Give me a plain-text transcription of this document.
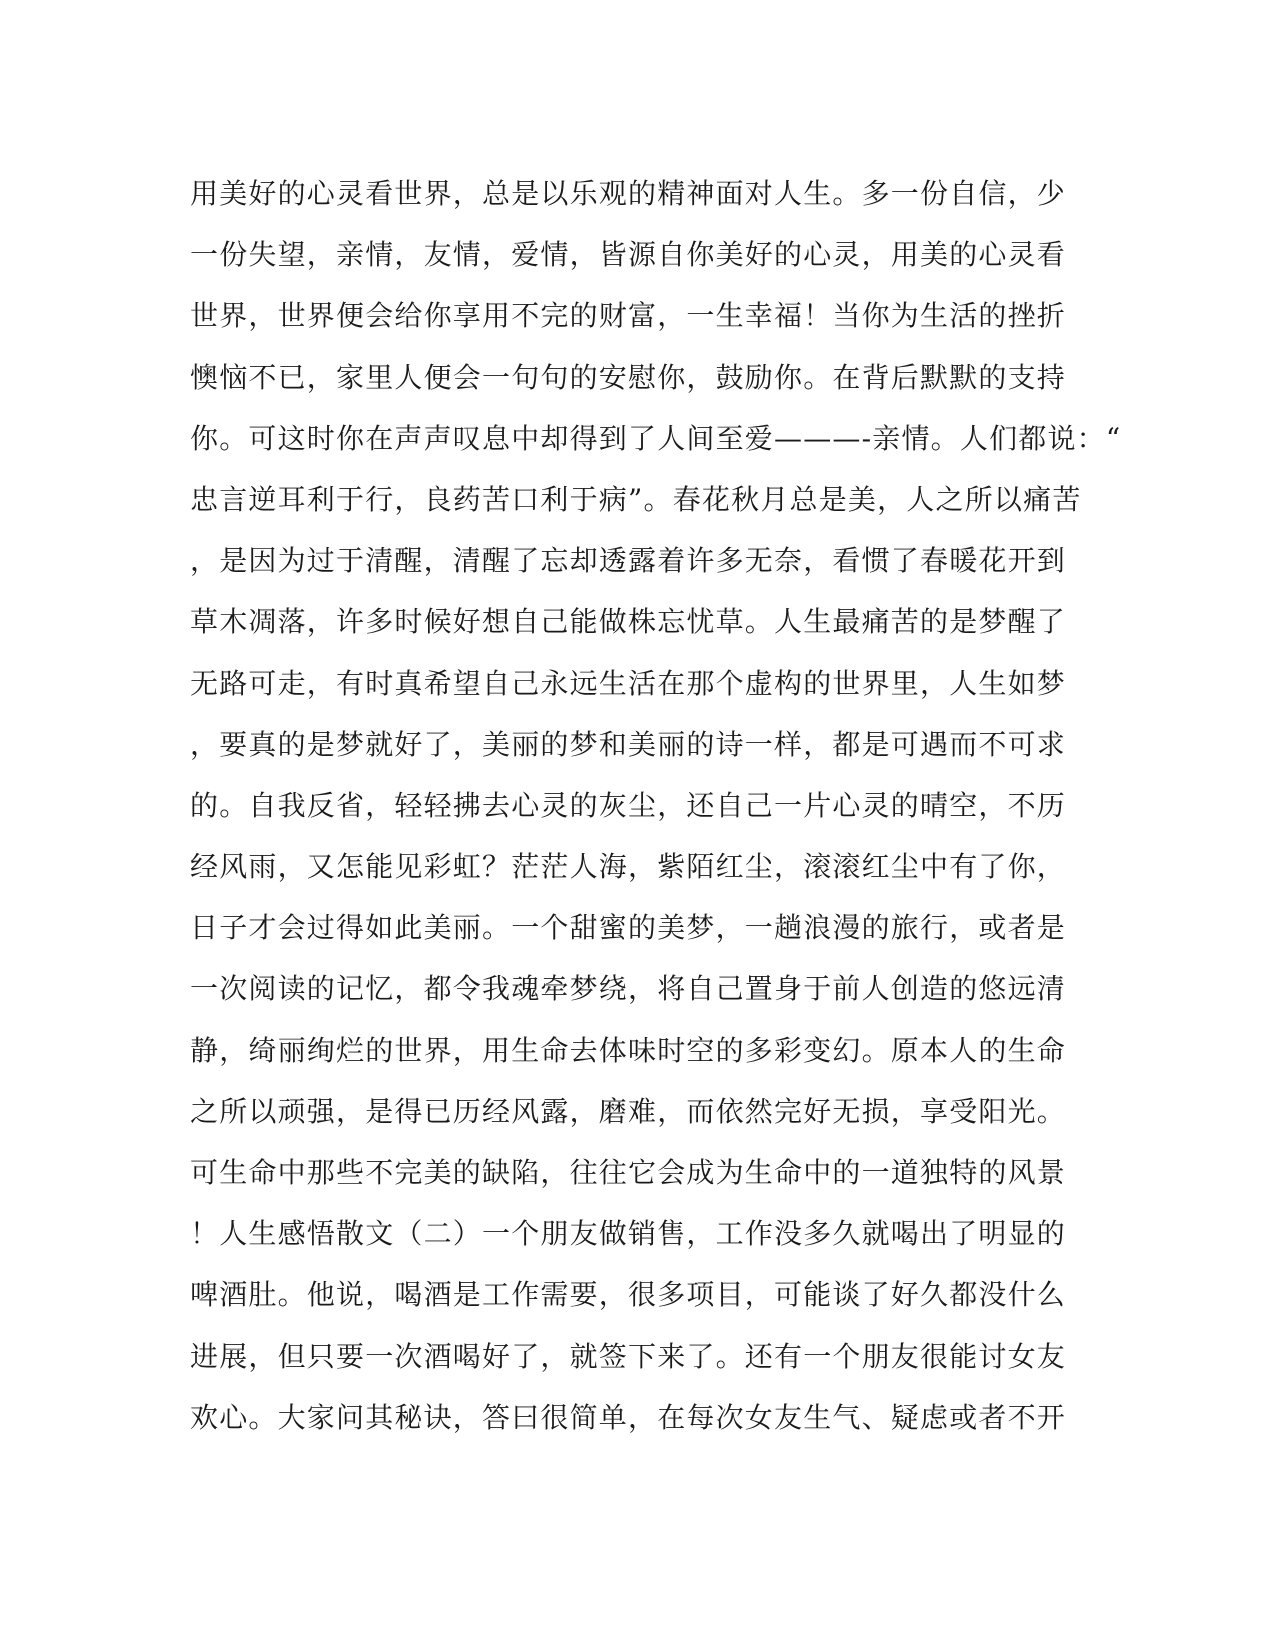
用美好的心灵看世界，总是以乐观的精神面对人生。多一份自信，少
一份失望，亲情，友情，爱情，皆源自你美好的心灵，用美的心灵看
世界，世界便会给你享用不完的财富，一生幸福！当你为生活的挫折
懊恼不已，家里人便会一句句的安慰你，鼓励你。在背后默默的支持
你。可这时你在声声叹息中却得到了人间至爱———-亲情。人们都说：“
忠言逆耳利于行，良药苦口利于病”。春花秋月总是美，人之所以痛苦
，是因为过于清醒，清醒了忘却透露着许多无奈，看惯了春暖花开到
草木凋落，许多时候好想自己能做株忘忧草。人生最痛苦的是梦醒了
无路可走，有时真希望自己永远生活在那个虚构的世界里，人生如梦
，要真的是梦就好了，美丽的梦和美丽的诗一样，都是可遇而不可求
的。自我反省，轻轻拂去心灵的灰尘，还自己一片心灵的晴空，不历
经风雨，又怎能见彩虹？茫茫人海，紫陌红尘，滚滚红尘中有了你，
日子才会过得如此美丽。一个甜蜜的美梦，一趟浪漫的旅行，或者是
一次阅读的记忆，都令我魂牵梦绕，将自己置身于前人创造的悠远清
静，绮丽绚烂的世界，用生命去体味时空的多彩变幻。原本人的生命
之所以顽强，是得已历经风露，磨难，而依然完好无损，享受阳光。
可生命中那些不完美的缺陷，往往它会成为生命中的一道独特的风景
！人生感悟散文（二）一个朋友做销售，工作没多久就喝出了明显的
啤酒肚。他说，喝酒是工作需要，很多项目，可能谈了好久都没什么
进展，但只要一次酒喝好了，就签下来了。还有一个朋友很能讨女友
欢心。大家问其秘诀，答曰很简单，在每次女友生气、疑虑或者不开
